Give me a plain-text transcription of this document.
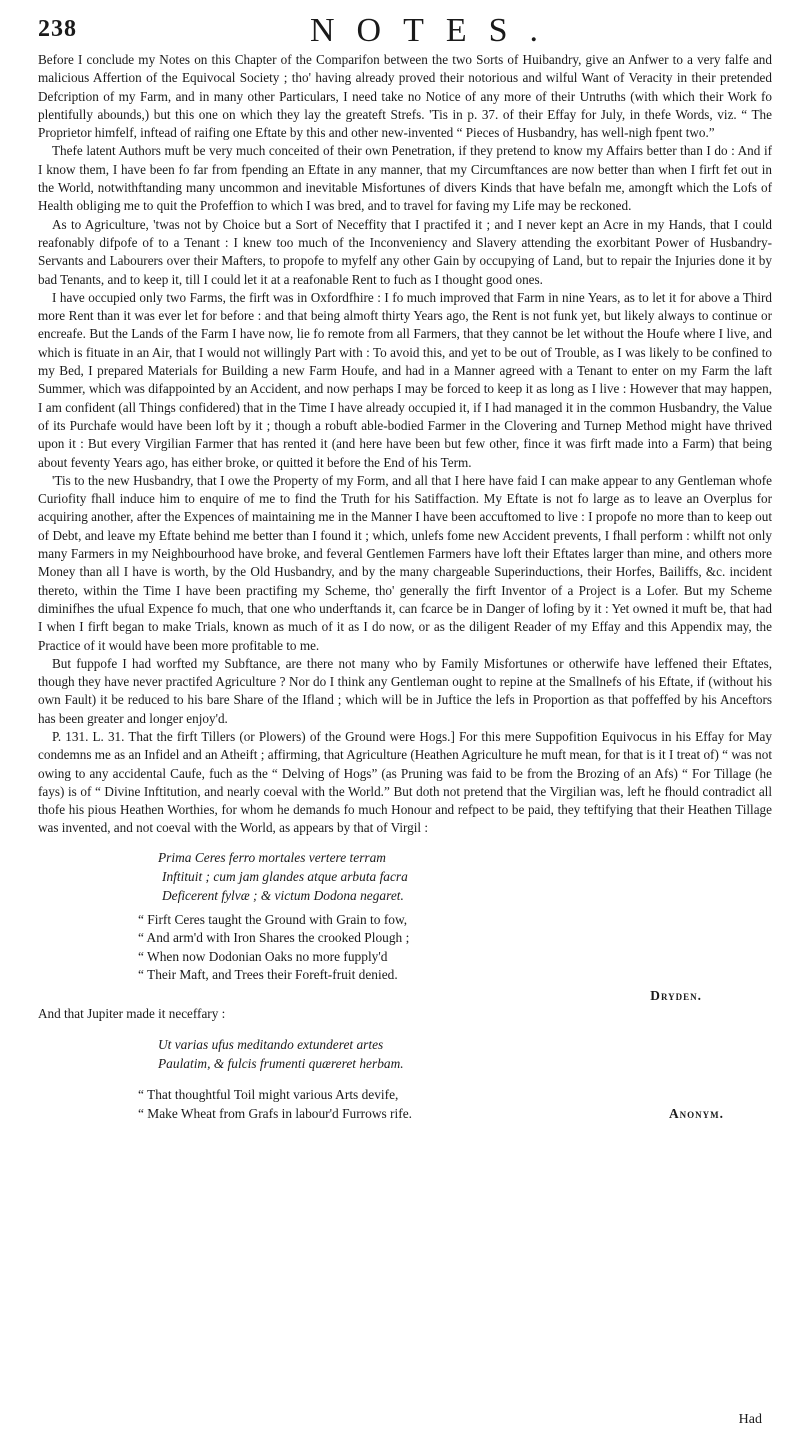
238	NOTES.

Before I conclude my Notes on this Chapter of the Comparifon between the two Sorts of Huibandry, give an Anfwer to a very falfe and malicious Affertion of the Equivocal Society ; tho' having already proved their notorious and wilful Want of Veracity in their pretended Defcription of my Farm, and in many other Particulars, I need take no Notice of any more of their Untruths (with which their Work fo plentifully abounds,) but this one on which they lay the greateft Strefs. 'Tis in p. 37. of their Effay for July, in thefe Words, viz. “ The Proprietor himfelf, inftead of raifing one Eftate by this and other new-invented “ Pieces of Husbandry, has well-nigh fpent two.”

Thefe latent Authors muft be very much conceited of their own Penetration, if they pretend to know my Affairs better than I do : And if I know them, I have been fo far from fpending an Eftate in any manner, that my Circumftances are now better than when I firft fet out in the World, notwithftanding many uncommon and inevitable Misfortunes of divers Kinds that have befaln me, amongft which the Lofs of Health obliging me to quit the Profeffion to which I was bred, and to travel for faving my Life may be reckoned.

As to Agriculture, 'twas not by Choice but a Sort of Neceffity that I practifed it ; and I never kept an Acre in my Hands, that I could reafonably difpofe of to a Tenant : I knew too much of the Inconveniency and Slavery attending the exorbitant Power of Husbandry-Servants and Labourers over their Mafters, to propofe to myfelf any other Gain by occupying of Land, but to repair the Injuries done it by bad Tenants, and to keep it, till I could let it at a reafonable Rent to fuch as I thought good ones.

I have occupied only two Farms, the firft was in Oxfordfhire : I fo much improved that Farm in nine Years, as to let it for above a Third more Rent than it was ever let for before : and that being almoft thirty Years ago, the Rent is not funk yet, but likely always to continue or encreafe. But the Lands of the Farm I have now, lie fo remote from all Farmers, that they cannot be let without the Houfe where I live, and which is fituate in an Air, that I would not willingly Part with : To avoid this, and yet to be out of Trouble, as I was likely to be confined to my Bed, I prepared Materials for Building a new Farm Houfe, and had in a Manner agreed with a Tenant to enter on my Farm the laft Summer, which was difappointed by an Accident, and now perhaps I may be forced to keep it as long as I live : However that may happen, I am confident (all Things confidered) that in the Time I have already occupied it, if I had managed it in the common Husbandry, the Value of its Purchafe would have been loft by it ; though a robuft able-bodied Farmer in the Clovering and Turnep Method might have thrived upon it : But every Virgilian Farmer that has rented it (and here have been but few other, fince it was firft made into a Farm) that being about feventy Years ago, has either broke, or quitted it before the End of his Term.

'Tis to the new Husbandry, that I owe the Property of my Form, and all that I here have faid I can make appear to any Gentleman whofe Curiofity fhall induce him to enquire of me to find the Truth for his Satiffaction. My Eftate is not fo large as to leave an Overplus for acquiring another, after the Expences of maintaining me in the Manner I have been accuftomed to live : I propofe no more than to keep out of Debt, and leave my Eftate behind me better than I found it ; which, unlefs fome new Accident prevents, I fhall perform : whilft not only many Farmers in my Neighbourhood have broke, and feveral Gentlemen Farmers have loft their Eftates larger than mine, and others more Money than all I have is worth, by the Old Husbandry, and by the many chargeable Superinductions, their Horfes, Bailiffs, &c. incident thereto, within the Time I have been practifing my Scheme, tho' generally the firft Inventor of a Project is a Lofer. But my Scheme diminifhes the ufual Expence fo much, that one who underftands it, can fcarce be in Danger of lofing by it : Yet owned it muft be, that had I when I firft began to make Trials, known as much of it as I do now, or as the diligent Reader of my Effay and this Appendix may, the Practice of it would have been more profitable to me.

But fuppofe I had worfted my Subftance, are there not many who by Family Misfortunes or otherwife have leffened their Eftates, though they have never practifed Agriculture ? Nor do I think any Gentleman ought to repine at the Smallnefs of his Eftate, if (without his own Fault) it be reduced to his bare Share of the Ifland ; which will be in Juftice the lefs in Proportion as that poffeffed by his Anceftors has been greater and longer enjoy'd.

P. 131. L. 31. That the firft Tillers (or Plowers) of the Ground were Hogs.] For this mere Suppofition Equivocus in his Effay for May condemns me as an Infidel and an Atheift ; affirming, that Agriculture (Heathen Agriculture he muft mean, for that is it I treat of) “ was not owing to any accidental Caufe, fuch as the “ Delving of Hogs” (as Pruning was faid to be from the Brozing of an Afs) “ For Tillage (he fays) is of “ Divine Inftitution, and nearly coeval with the World.” But doth not pretend that the Virgilian was, left he fhould contradict all thofe his pious Heathen Worthies, for whom he demands fo much Honour and refpect to be paid, they teftifying that their Heathen Tillage was invented, and not coeval with the World, as appears by that of Virgil :

Prima Ceres ferro mortales vertere terram
Inftituit ; cum jam glandes atque arbuta facra
Deficerent fylvæ ; & victum Dodona negaret.
“ Firft Ceres taught the Ground with Grain to fow,
“ And arm'd with Iron Shares the crooked Plough ;
“ When now Dodonian Oaks no more fupply'd
“ Their Maft, and Trees their Foreft-fruit denied.
Dryden.

And that Jupiter made it neceffary :

Ut varias ufus meditando extunderet artes
Paulatim, & fulcis frumenti quæreret herbam.
“ That thoughtful Toil might various Arts devife,
“ Make Wheat from Grafs in labour'd Furrows rife.	Anonym.
Had
